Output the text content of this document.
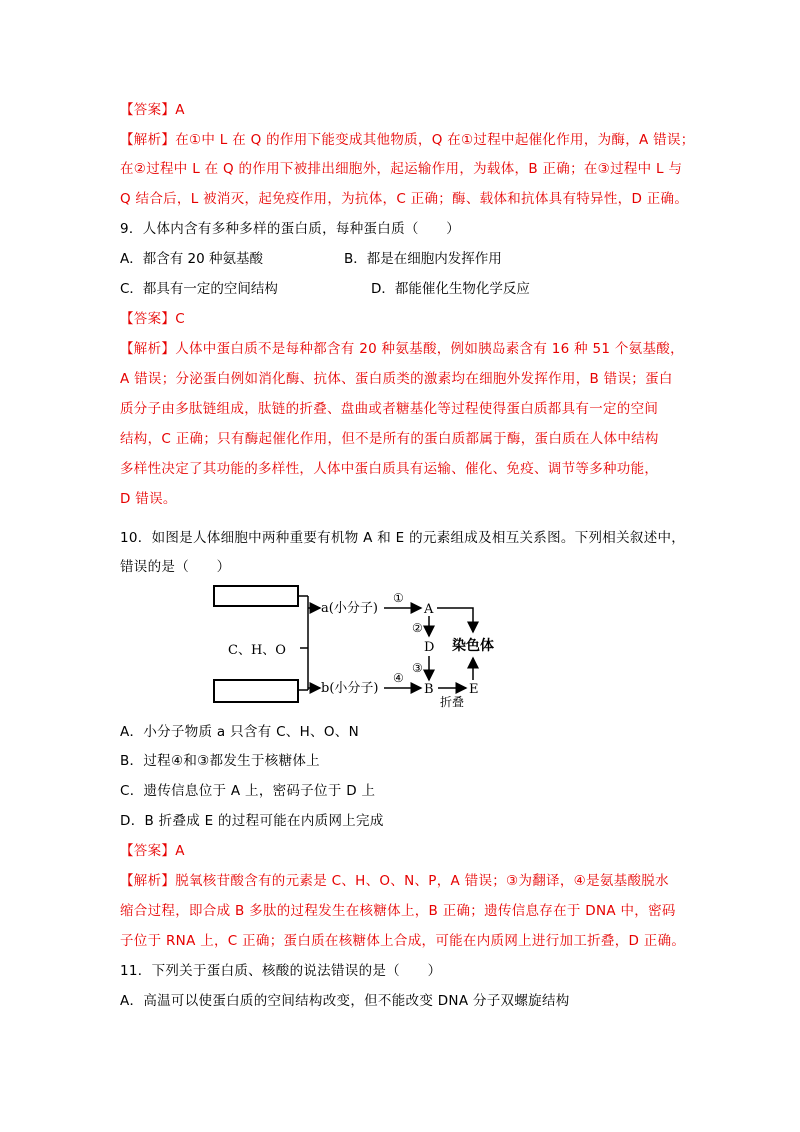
【答案】A
【解析】在①中 L 在 Q 的作用下能变成其他物质，Q 在①过程中起催化作用，为酶，A 错误；
在②过程中 L 在 Q 的作用下被排出细胞外，起运输作用，为载体，B 正确；在③过程中 L 与
Q 结合后，L 被消灭，起免疫作用，为抗体，C 正确；酶、载体和抗体具有特异性，D 正确。
9．人体内含有多种多样的蛋白质，每种蛋白质（　　）
A．都含有 20 种氨基酸	B．都是在细胞内发挥作用
C．都具有一定的空间结构	D．都能催化生物化学反应
【答案】C
【解析】人体中蛋白质不是每种都含有 20 种氨基酸，例如胰岛素含有 16 种 51 个氨基酸，
A 错误；分泌蛋白例如消化酶、抗体、蛋白质类的激素均在细胞外发挥作用，B 错误；蛋白
质分子由多肽链组成，肽链的折叠、盘曲或者糖基化等过程使得蛋白质都具有一定的空间
结构，C 正确；只有酶起催化作用，但不是所有的蛋白质都属于酶，蛋白质在人体中结构
多样性决定了其功能的多样性，人体中蛋白质具有运输、催化、免疫、调节等多种功能，
D 错误。
10．如图是人体细胞中两种重要有机物 A 和 E 的元素组成及相互关系图。下列相关叙述中，
错误的是（　　）
C、H、O
a(小分子)
b(小分子)
①
A
②
D 染色体
③
④
B
折叠
E
A．小分子物质 a 只含有 C、H、O、N
B．过程④和③都发生于核糖体上
C．遗传信息位于 A 上，密码子位于 D 上
D．B 折叠成 E 的过程可能在内质网上完成
【答案】A
【解析】脱氧核苷酸含有的元素是 C、H、O、N、P，A 错误；③为翻译，④是氨基酸脱水
缩合过程，即合成 B 多肽的过程发生在核糖体上，B 正确；遗传信息存在于 DNA 中，密码
子位于 RNA 上，C 正确；蛋白质在核糖体上合成，可能在内质网上进行加工折叠，D 正确。
11．下列关于蛋白质、核酸的说法错误的是（　　）
A．高温可以使蛋白质的空间结构改变，但不能改变 DNA 分子双螺旋结构
